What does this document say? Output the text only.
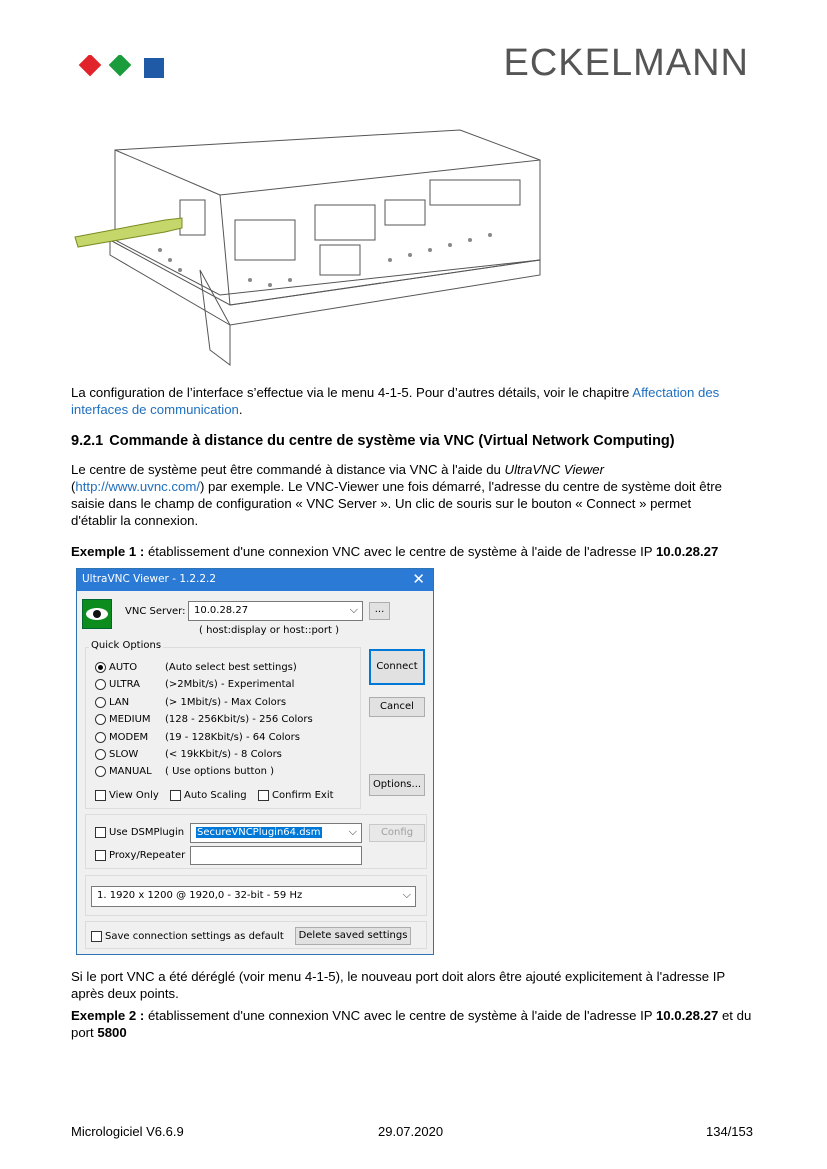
ECKELMANN
La configuration de l’interface s’effectue via le menu 4-1-5. Pour d’autres détails, voir le chapitre Affectation des interfaces de communication.
9.2.1 Commande à distance du centre de système via VNC (Virtual Network Computing)
Le centre de système peut être commandé à distance via VNC à l'aide du UltraVNC Viewer (http://www.uvnc.com/) par exemple. Le VNC-Viewer une fois démarré, l'adresse du centre de système doit être saisie dans le champ de configuration « VNC Server ». Un clic de souris sur le bouton « Connect » permet d'établir la connexion.
Exemple 1 : établissement d'une connexion VNC avec le centre de système à l'aide de l'adresse IP 10.0.28.27
UltraVNC Viewer - 1.2.2.2	✕
VNC Server: 10.0.28.27	⌵	...
( host:display or host::port )
Quick Options
AUTO	(Auto select best settings)
ULTRA (>2Mbit/s) - Experimental
LAN	(> 1Mbit/s) - Max Colors
MEDIUM (128 - 256Kbit/s) - 256 Colors
MODEM (19 - 128Kbit/s) - 64 Colors
SLOW	(< 19kKbit/s) - 8 Colors
MANUAL ( Use options button )
View Only	Auto Scaling	Confirm Exit
Connect
Cancel
Options...
Use DSMPlugin SecureVNCPlugin64.dsm	⌵	Config
Proxy/Repeater
1. 1920 x 1200 @ 1920,0 - 32-bit - 59 Hz	⌵
Save connection settings as default	Delete saved settings
Si le port VNC a été déréglé (voir menu 4-1-5), le nouveau port doit alors être ajouté explicitement à l'adresse IP après deux points.
Exemple 2 : établissement d'une connexion VNC avec le centre de système à l'aide de l'adresse IP 10.0.28.27 et du port 5800
Micrologiciel V6.6.9	29.07.2020	134/153
